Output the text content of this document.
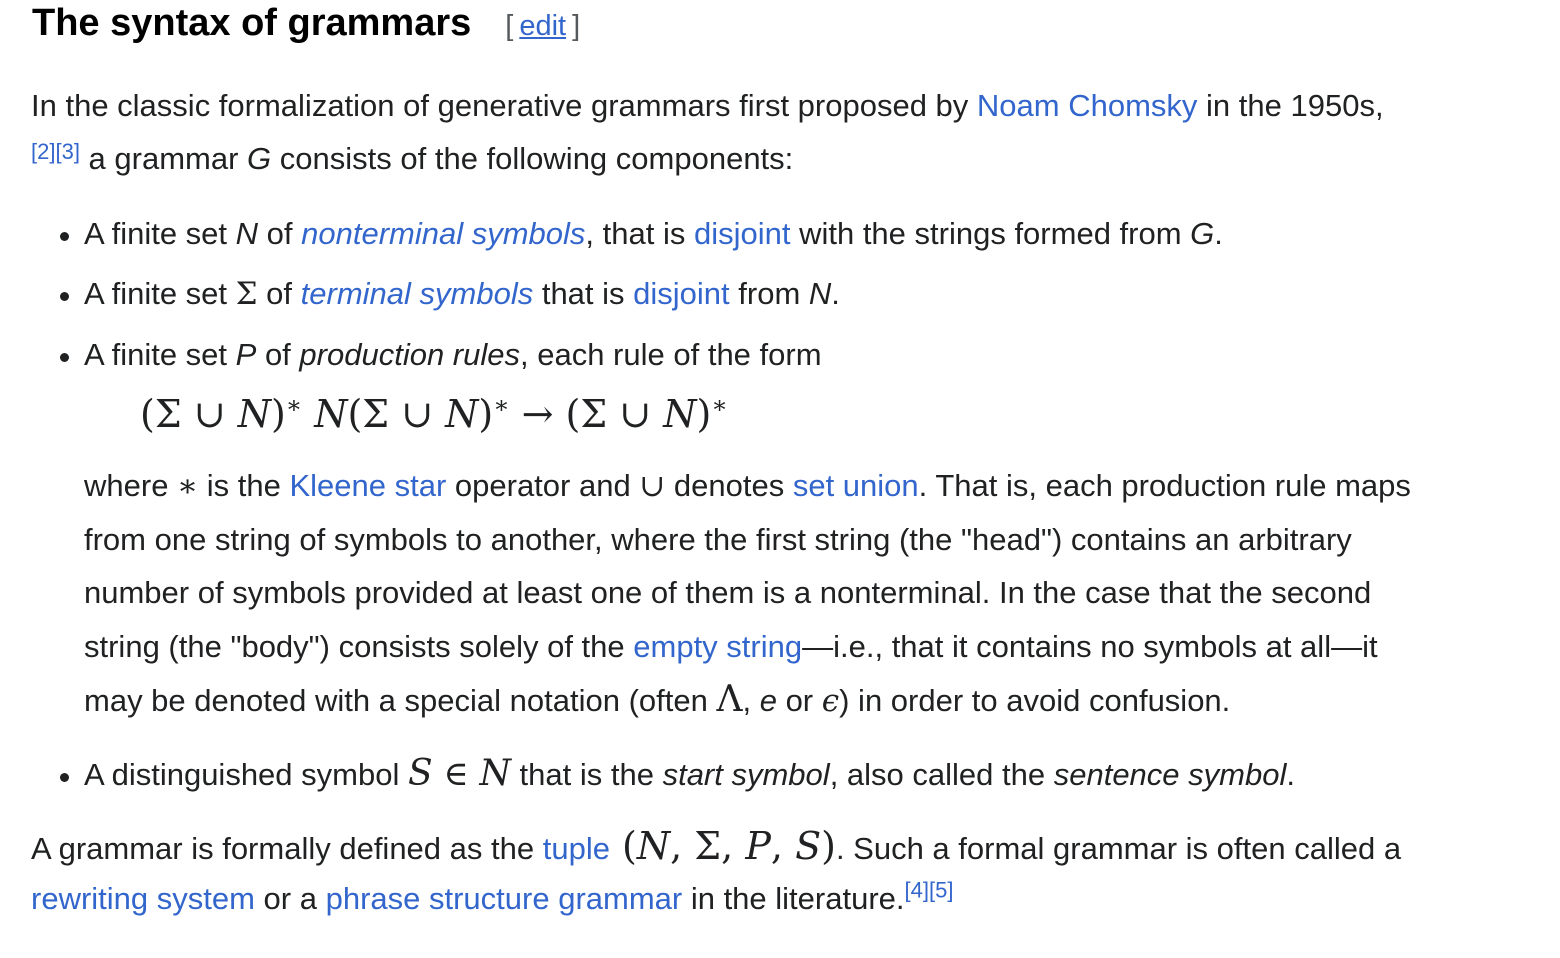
The syntax of grammars [ edit ]
In the classic formalization of generative grammars first proposed by Noam Chomsky in the 1950s,
[2][3] a grammar G consists of the following components:
A finite set N of nonterminal symbols, that is disjoint with the strings formed from G.
A finite set Σ of terminal symbols that is disjoint from N.
A finite set P of production rules, each rule of the form
(Σ ∪ N)∗ N(Σ ∪ N)∗ → (Σ ∪ N)∗
where ∗ is the Kleene star operator and ∪ denotes set union. That is, each production rule maps
from one string of symbols to another, where the first string (the "head") contains an arbitrary
number of symbols provided at least one of them is a nonterminal. In the case that the second
string (the "body") consists solely of the empty string—i.e., that it contains no symbols at all—it
may be denoted with a special notation (often Λ, e or ϵ) in order to avoid confusion.
A distinguished symbol S ∈ N that is the start symbol, also called the sentence symbol.
A grammar is formally defined as the tuple (N, Σ, P, S). Such a formal grammar is often called a
rewriting system or a phrase structure grammar in the literature.[4][5]
